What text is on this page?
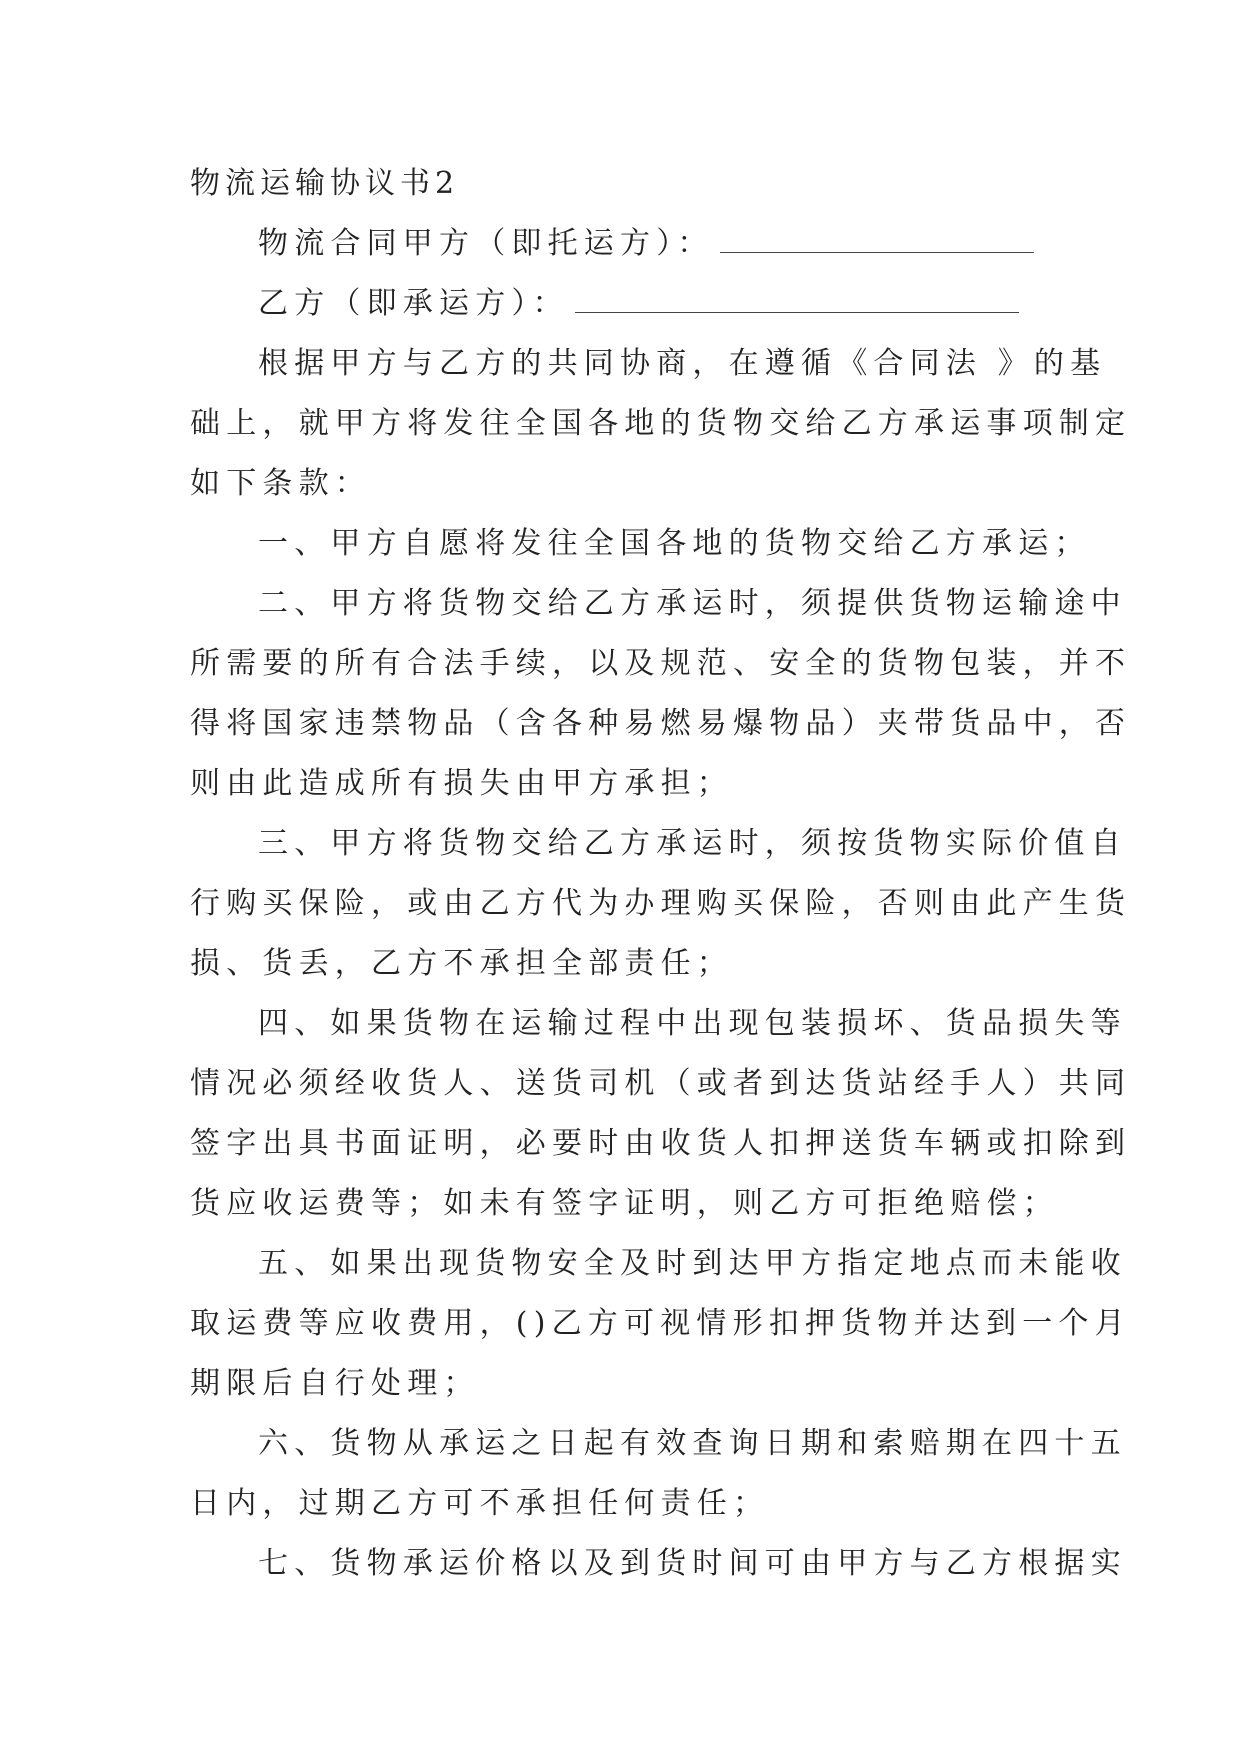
物流运输协议书2
物流合同甲方（即托运方）：
乙方（即承运方）：
根据甲方与乙方的共同协商，在遵循《合同法 》的基
础上，就甲方将发往全国各地的货物交给乙方承运事项制定
如下条款：
一、甲方自愿将发往全国各地的货物交给乙方承运；
二、甲方将货物交给乙方承运时，须提供货物运输途中
所需要的所有合法手续，以及规范、安全的货物包装，并不
得将国家违禁物品（含各种易燃易爆物品）夹带货品中，否
则由此造成所有损失由甲方承担；
三、甲方将货物交给乙方承运时，须按货物实际价值自
行购买保险，或由乙方代为办理购买保险，否则由此产生货
损、货丢，乙方不承担全部责任；
四、如果货物在运输过程中出现包装损坏、货品损失等
情况必须经收货人、送货司机（或者到达货站经手人）共同
签字出具书面证明，必要时由收货人扣押送货车辆或扣除到
货应收运费等；如未有签字证明，则乙方可拒绝赔偿；
五、如果出现货物安全及时到达甲方指定地点而未能收
取运费等应收费用，()乙方可视情形扣押货物并达到一个月
期限后自行处理；
六、货物从承运之日起有效查询日期和索赔期在四十五
日内，过期乙方可不承担任何责任；
七、货物承运价格以及到货时间可由甲方与乙方根据实
